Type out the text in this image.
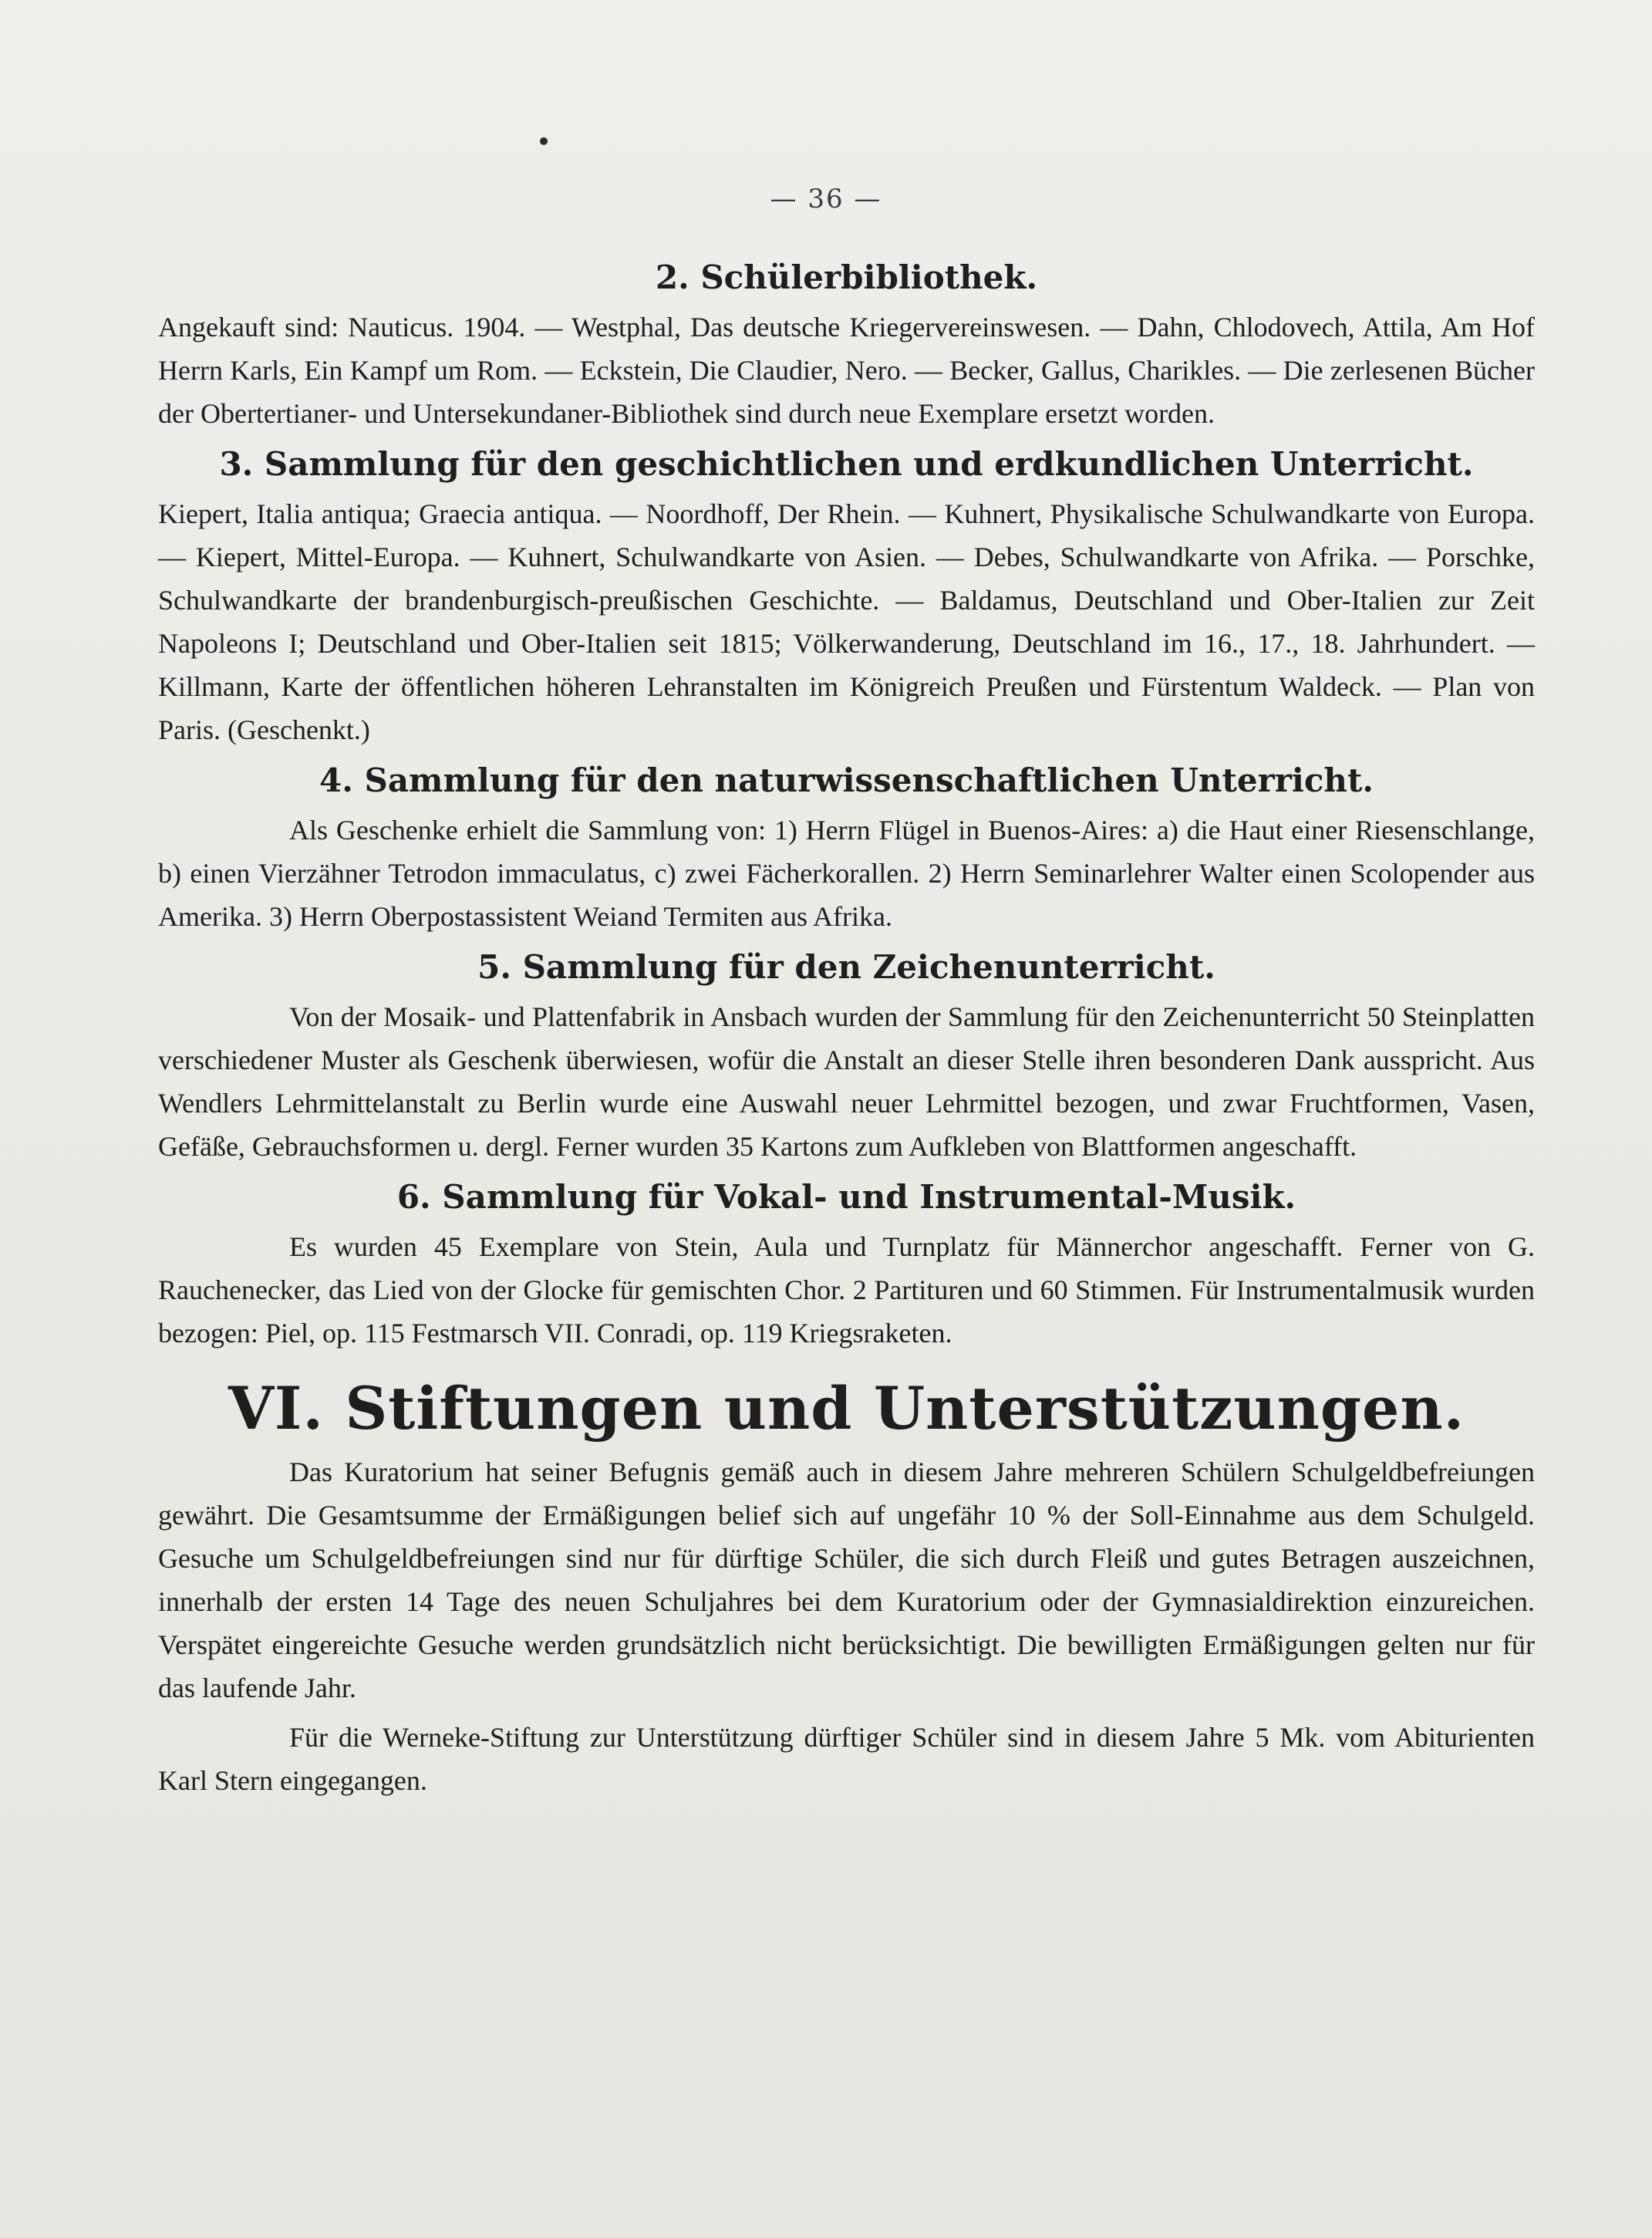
— 36 —
2. Schülerbibliothek.

Angekauft sind: Nauticus. 1904. — Westphal, Das deutsche Kriegervereinswesen. — Dahn, Chlodovech, Attila, Am Hof Herrn Karls, Ein Kampf um Rom. — Eckstein, Die Claudier, Nero. — Becker, Gallus, Charikles. — Die zerlesenen Bücher der Obertertianer- und Untersekundaner-Bibliothek sind durch neue Exemplare ersetzt worden.

3. Sammlung für den geschichtlichen und erdkundlichen Unterricht.

Kiepert, Italia antiqua; Graecia antiqua. — Noordhoff, Der Rhein. — Kuhnert, Physikalische Schulwandkarte von Europa. — Kiepert, Mittel-Europa. — Kuhnert, Schulwandkarte von Asien. — Debes, Schulwandkarte von Afrika. — Porschke, Schulwandkarte der brandenburgisch-preußischen Geschichte. — Baldamus, Deutschland und Ober-Italien zur Zeit Napoleons I; Deutschland und Ober-Italien seit 1815; Völkerwanderung, Deutschland im 16., 17., 18. Jahrhundert. — Killmann, Karte der öffentlichen höheren Lehranstalten im Königreich Preußen und Fürstentum Waldeck. — Plan von Paris. (Geschenkt.)

4. Sammlung für den naturwissenschaftlichen Unterricht.

Als Geschenke erhielt die Sammlung von: 1) Herrn Flügel in Buenos-Aires: a) die Haut einer Riesenschlange, b) einen Vierzähner Tetrodon immaculatus, c) zwei Fächerkorallen. 2) Herrn Seminarlehrer Walter einen Scolopender aus Amerika. 3) Herrn Oberpostassistent Weiand Termiten aus Afrika.

5. Sammlung für den Zeichenunterricht.

Von der Mosaik- und Plattenfabrik in Ansbach wurden der Sammlung für den Zeichenunterricht 50 Steinplatten verschiedener Muster als Geschenk überwiesen, wofür die Anstalt an dieser Stelle ihren besonderen Dank ausspricht. Aus Wendlers Lehrmittelanstalt zu Berlin wurde eine Auswahl neuer Lehrmittel bezogen, und zwar Fruchtformen, Vasen, Gefäße, Gebrauchsformen u. dergl. Ferner wurden 35 Kartons zum Aufkleben von Blattformen angeschafft.

6. Sammlung für Vokal- und Instrumental-Musik.

Es wurden 45 Exemplare von Stein, Aula und Turnplatz für Männerchor angeschafft. Ferner von G. Rauchenecker, das Lied von der Glocke für gemischten Chor. 2 Partituren und 60 Stimmen. Für Instrumentalmusik wurden bezogen: Piel, op. 115 Festmarsch VII. Conradi, op. 119 Kriegsraketen.

VI. Stiftungen und Unterstützungen.

Das Kuratorium hat seiner Befugnis gemäß auch in diesem Jahre mehreren Schülern Schulgeldbefreiungen gewährt. Die Gesamtsumme der Ermäßigungen belief sich auf ungefähr 10 % der Soll-Einnahme aus dem Schulgeld. Gesuche um Schulgeldbefreiungen sind nur für dürftige Schüler, die sich durch Fleiß und gutes Betragen auszeichnen, innerhalb der ersten 14 Tage des neuen Schuljahres bei dem Kuratorium oder der Gymnasialdirektion einzureichen. Verspätet eingereichte Gesuche werden grundsätzlich nicht berücksichtigt. Die bewilligten Ermäßigungen gelten nur für das laufende Jahr.

Für die Werneke-Stiftung zur Unterstützung dürftiger Schüler sind in diesem Jahre 5 Mk. vom Abiturienten Karl Stern eingegangen.
